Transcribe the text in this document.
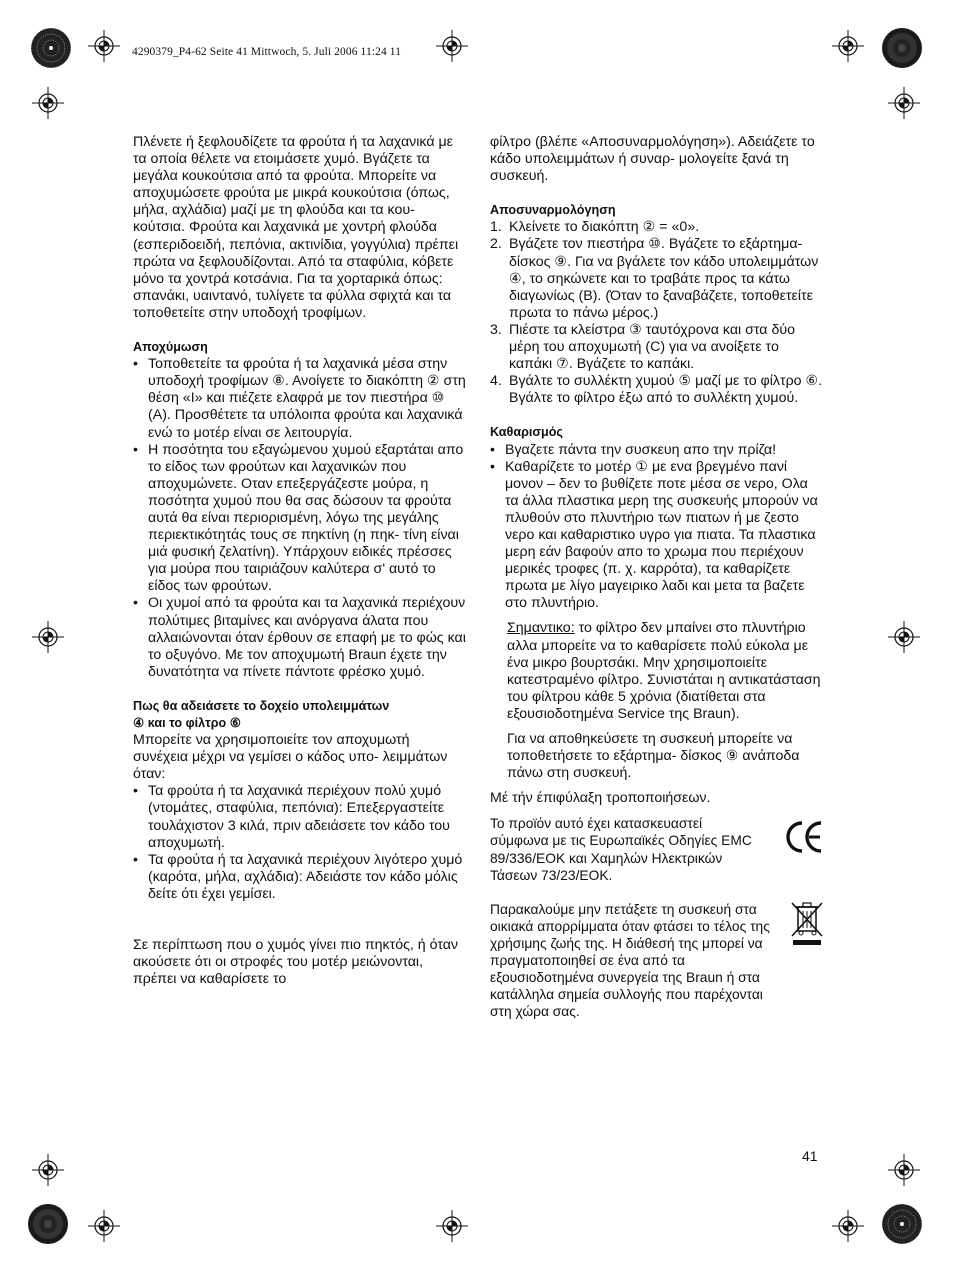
4290379_P4-62 Seite 41 Mittwoch, 5. Juli 2006 11:24 11

Πλένετε ή ξεφλουδίζετε τα φρούτα ή τα λαχανικά με τα οποία θέλετε να ετοιμάσετε χυμό. Βγάζετε τα μεγάλα κουκούτσια από τα φρούτα. Μπορείτε να αποχυμώσετε φρούτα με μικρά κουκούτσια (όπως, μήλα, αχλάδια) μαζί με τη φλούδα και τα κου- κούτσια. Φρούτα και λαχανικά με χοντρή φλούδα (εσπεριδοειδή, πεπόνια, ακτινίδια, γογγύλια) πρέπει πρώτα να ξεφλουδίζονται. Από τα σταφύλια, κόβετε μόνο τα χοντρά κοτσάνια. Για τα χορταρικά όπως: σπανάκι, υαιντανό, τυλίγετε τα φύλλα σφιχτά και τα τοποθετείτε στην υποδοχή τροφίμων.

Αποχύμωση

• Τοποθετείτε τα φρούτα ή τα λαχανικά μέσα στην υποδοχή τροφίμων ⑧. Ανοίγετε το διακόπτη ② στη θέση «I» και πιέζετε ελαφρά με τον πιεστήρα ⑩ (A). Προσθέτετε τα υπόλοιπα φρούτα και λαχανικά ενώ το μοτέρ είναι σε λειτουργία.
• Η ποσότητα του εξαγώμενου χυμού εξαρτάται απο το είδος των φρούτων και λαχανικών που αποχυμώνετε. Οταν επεξεργάζεστε μούρα, η ποσότητα χυμού που θα σας δώσουν τα φρούτα αυτά θα είναι περιορισμένη, λόγω της μεγάλης περιεκτικότητάς τους σε πηκτίνη (η πηκ- τίνη είναι μιά φυσική ζελατίνη). Υπάρχουν ειδικές πρέσσες για μούρα που ταιριάζουν καλύτερα σ' αυτό το είδος των φρούτων.
• Οι χυμοί από τα φρούτα και τα λαχανικά περιέχουν πολύτιμες βιταμίνες και ανόργανα άλατα που αλλαιώνονται όταν έρθουν σε επαφή με το φώς και το οξυγόνο. Με τον αποχυμωτή Braun έχετε την δυνατότητα να πίνετε πάντοτε φρέσκο χυμό.

Πως θα αδειάσετε το δοχείο υπολειμμάτων
④ και το φίλτρο ⑥

Μπορείτε να χρησιμοποιείτε τον αποχυμωτή συνέχεια μέχρι να γεμίσει ο κάδος υπο- λειμμάτων όταν:

• Τα φρούτα ή τα λαχανικά περιέχουν πολύ χυμό (ντομάτες, σταφύλια, πεπόνια): Επεξεργαστείτε τουλάχιστον 3 κιλά, πριν αδειάσετε τον κάδο του αποχυμωτή.
• Τα φρούτα ή τα λαχανικά περιέχουν λιγότερο χυμό (καρότα, μήλα, αχλάδια): Αδειάστε τον κάδο μόλις δείτε ότι έχει γεμίσει.

Σε περίπτωση που ο χυμός γίνει πιο πηκτός, ή όταν ακούσετε ότι οι στροφές του μοτέρ μειώνονται, πρέπει να καθαρίσετε το

φίλτρο (βλέπε «Αποσυναρμολόγηση»). Αδειάζετε το κάδο υπολειμμάτων ή συναρ- μολογείτε ξανά τη συσκευή.

Αποσυναρμολόγηση

1. Κλείνετε το διακόπτη ② = «0».
2. Βγάζετε τον πιεστήρα ⑩. Βγάζετε το εξάρτημα-δίσκος ⑨. Για να βγάλετε τον κάδο υπολειμμάτων ④, το σηκώνετε και το τραβάτε προς τα κάτω διαγωνίως (B). (Όταν το ξαναβάζετε, τοποθετείτε πρωτα το πάνω μέρος.)
3. Πιέστε τα κλείστρα ③ ταυτόχρονα και στα δύο μέρη του αποχυμωτή (C) για να ανοίξετε το καπάκι ⑦. Βγάζετε το καπάκι.
4. Βγάλτε το συλλέκτη χυμού ⑤ μαζί με το φίλτρο ⑥. Βγάλτε το φίλτρο έξω από το συλλέκτη χυμού.

Καθαρισμός

• Βγαζετε πάντα την συσκευη απο την πρίζα!
• Καθαρίζετε το μοτέρ ① με ενα βρεγμένο πανί μονον – δεν το βυθίζετε ποτε μέσα σε νερο, Ολα τα άλλα πλαστικα μερη της συσκευής μπορούν να πλυθούν στο πλυντήριο των πιατων ή με ζεστο νερο και καθαριστικο υγρο για πιατα. Τα πλαστικα μερη εάν βαφούν απο το χρωμα που περιέχουν μερικές τροφες (π. χ. καρρότα), τα καθαρίζετε πρωτα με λίγο μαγειρικο λαδι και μετα τα βαζετε στο πλυντήριο.

Σημαντικο: το φίλτρο δεν μπαίνει στο πλυντήριο αλλα μπορείτε να το καθαρίσετε πολύ εύκολα με ένα μικρο βουρτσάκι. Μην χρησιμοποιείτε κατεστραμένο φίλτρο. Συνιστάται η αντικατάσταση του φίλτρου κάθε 5 χρόνια (διατίθεται στα εξουσιοδοτημένα Service της Braun).

Για να αποθηκεύσετε τη συσκευή μπορείτε να τοποθετήσετε το εξάρτημα- δίσκος ⑨ ανάποδα πάνω στη συσκευή.

Μέ τήν έπιφύλαξη τροποποιήσεων.

Το προϊόν αυτό έχει κατασκευαστεί σύμφωνα με τις Ευρωπαϊκές Οδηγίες EMC 89/336/EOK και Χαμηλών Ηλεκτρικών Τάσεων 73/23/EOK.

Παρακαλούμε μην πετάξετε τη συσκευή στα οικιακά απορρίμματα όταν φτάσει το τέλος της χρήσιμης ζωής της. Η διάθεσή της μπορεί να πραγματοποιηθεί σε ένα από τα εξουσιοδοτημένα συνεργεία της Braun ή στα κατάλληλα σημεία συλλογής που παρέχονται στη χώρα σας.

41
